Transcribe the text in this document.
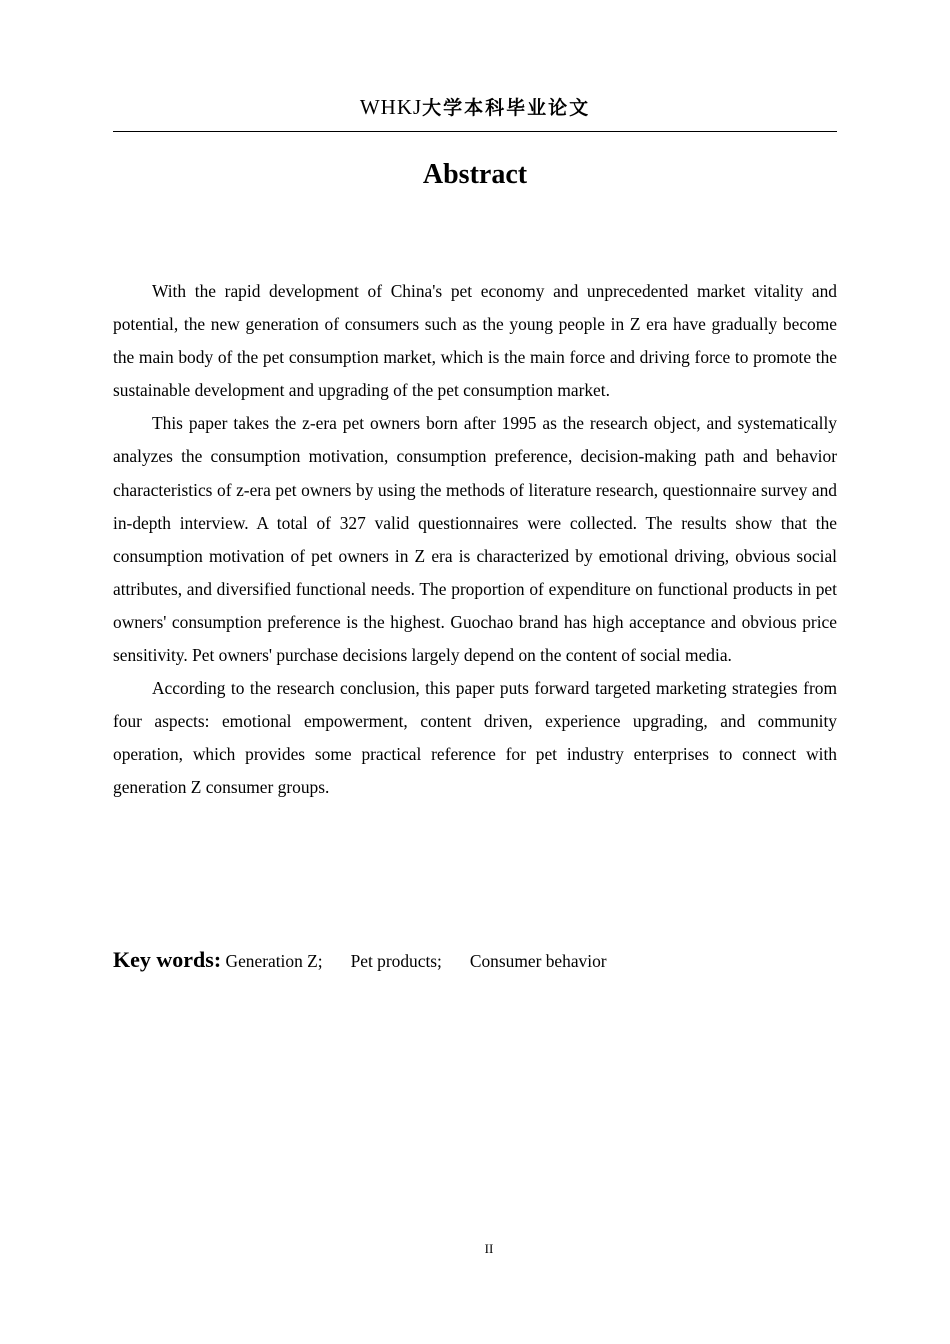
WHKJ大学本科毕业论文
Abstract

With the rapid development of China's pet economy and unprecedented market vitality and potential, the new generation of consumers such as the young people in Z era have gradually become the main body of the pet consumption market, which is the main force and driving force to promote the sustainable development and upgrading of the pet consumption market.

This paper takes the z-era pet owners born after 1995 as the research object, and systematically analyzes the consumption motivation, consumption preference, decision-making path and behavior characteristics of z-era pet owners by using the methods of literature research, questionnaire survey and in-depth interview. A total of 327 valid questionnaires were collected. The results show that the consumption motivation of pet owners in Z era is characterized by emotional driving, obvious social attributes, and diversified functional needs. The proportion of expenditure on functional products in pet owners' consumption preference is the highest. Guochao brand has high acceptance and obvious price sensitivity. Pet owners' purchase decisions largely depend on the content of social media.

According to the research conclusion, this paper puts forward targeted marketing strategies from four aspects: emotional empowerment, content driven, experience upgrading, and community operation, which provides some practical reference for pet industry enterprises to connect with generation Z consumer groups.

Key words: Generation Z; Pet products; Consumer behavior
II
